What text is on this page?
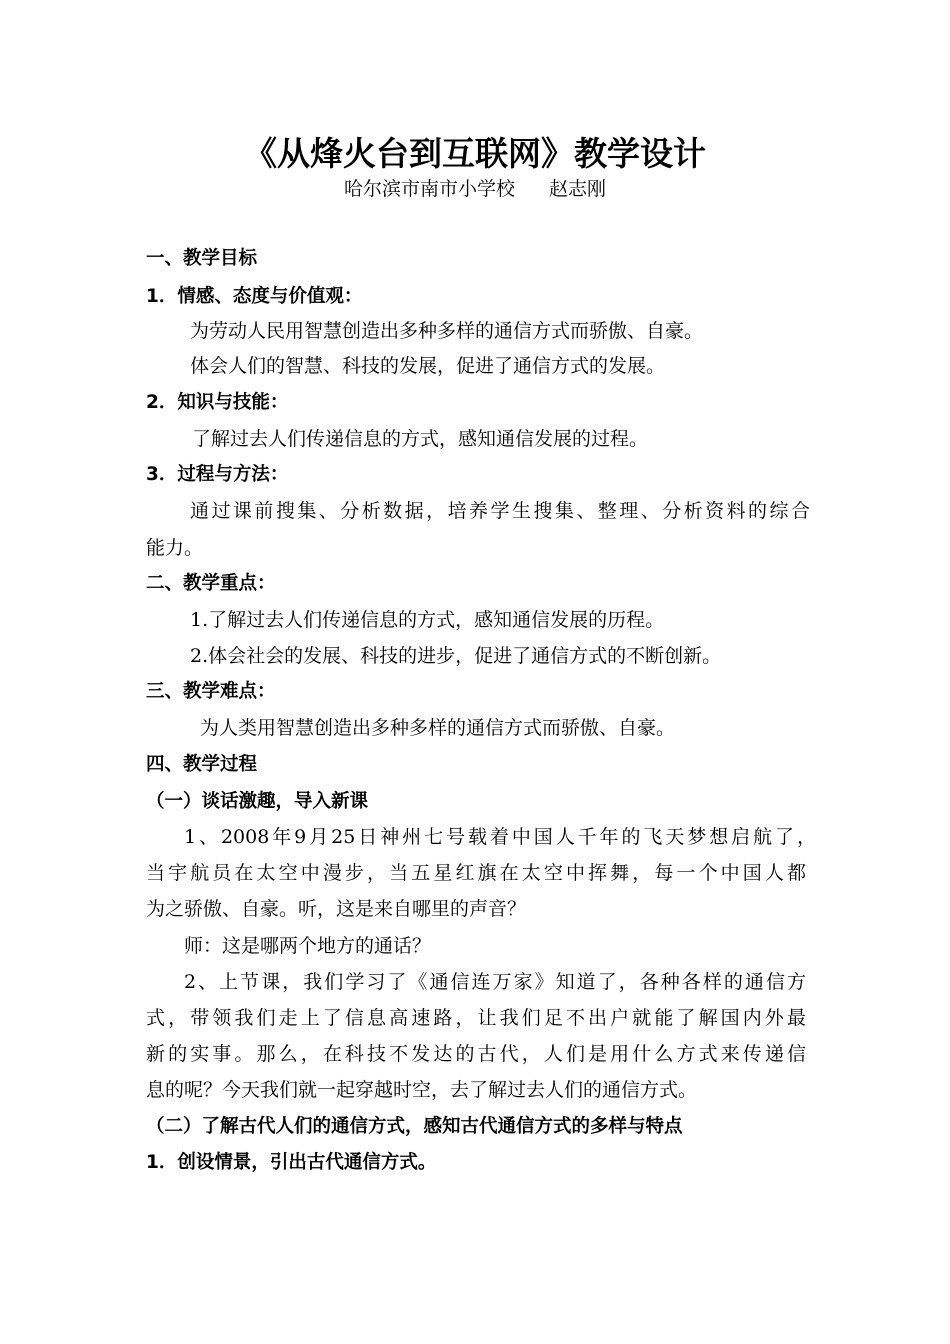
《从烽火台到互联网》教学设计
哈尔滨市南市小学校 赵志刚
一、教学目标
1．情感、态度与价值观：
为劳动人民用智慧创造出多种多样的通信方式而骄傲、自豪。
体会人们的智慧、科技的发展，促进了通信方式的发展。
2．知识与技能：
了解过去人们传递信息的方式，感知通信发展的过程。
3．过程与方法：
通过课前搜集、分析数据，培养学生搜集、整理、分析资料的综合
能力。
二、教学重点：
1.了解过去人们传递信息的方式，感知通信发展的历程。
2.体会社会的发展、科技的进步，促进了通信方式的不断创新。
三、教学难点：
为人类用智慧创造出多种多样的通信方式而骄傲、自豪。
四、教学过程
（一）谈话激趣，导入新课
1、2008年9月25日神州七号载着中国人千年的飞天梦想启航了，
当宇航员在太空中漫步，当五星红旗在太空中挥舞，每一个中国人都
为之骄傲、自豪。听，这是来自哪里的声音？
师：这是哪两个地方的通话？
2、上节课，我们学习了《通信连万家》知道了，各种各样的通信方
式，带领我们走上了信息高速路，让我们足不出户就能了解国内外最
新的实事。那么，在科技不发达的古代，人们是用什么方式来传递信
息的呢？今天我们就一起穿越时空，去了解过去人们的通信方式。
（二）了解古代人们的通信方式，感知古代通信方式的多样与特点
1．创设情景，引出古代通信方式。
